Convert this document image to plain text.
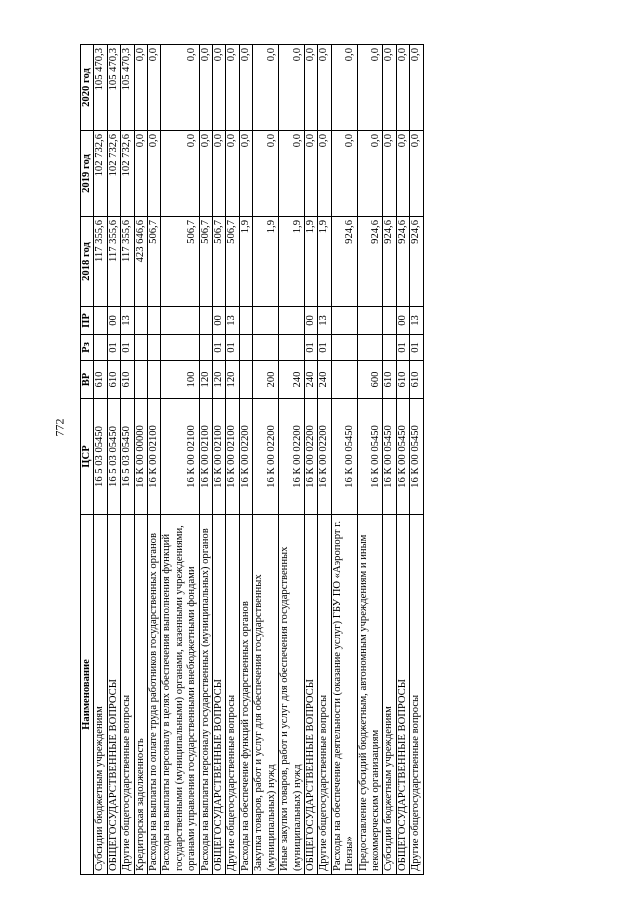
772
Наименование	ЦСР	ВР	Рз	ПР	2018 год	2019 год	2020 год
Субсидии бюджетным учреждениям	16 5 03 05450	610			117 355,6	102 732,6	105 470,3
ОБЩЕГОСУДАРСТВЕННЫЕ ВОПРОСЫ	16 5 03 05450	610	01	00	117 355,6	102 732,6	105 470,3
Другие общегосударственные вопросы	16 5 03 05450	610	01	13	117 355,6	102 732,6	105 470,3
Кредиторская задолженность	16 К 00 00000				423 646,6	0,0	0,0
Расходы на выплаты по оплате труда работников государственных органов	16 К 00 02100				506,7	0,0	0,0
Расходы на выплаты персоналу в целях обеспечения выполнения функций государственными (муниципальными) органами, казенными учреждениями, органами управления государственными внебюджетными фондами	16 К 00 02100	100			506,7	0,0	0,0
Расходы на выплаты персоналу государственных (муниципальных) органов	16 К 00 02100	120			506,7	0,0	0,0
ОБЩЕГОСУДАРСТВЕННЫЕ ВОПРОСЫ	16 К 00 02100	120	01	00	506,7	0,0	0,0
Другие общегосударственные вопросы	16 К 00 02100	120	01	13	506,7	0,0	0,0
Расходы на обеспечение функций государственных органов	16 К 00 02200				1,9	0,0	0,0
Закупка товаров, работ и услуг для обеспечения государственных (муниципальных) нужд	16 К 00 02200	200			1,9	0,0	0,0
Иные закупки товаров, работ и услуг для обеспечения государственных (муниципальных) нужд	16 К 00 02200	240			1,9	0,0	0,0
ОБЩЕГОСУДАРСТВЕННЫЕ ВОПРОСЫ	16 К 00 02200	240	01	00	1,9	0,0	0,0
Другие общегосударственные вопросы	16 К 00 02200	240	01	13	1,9	0,0	0,0
Расходы на обеспечение деятельности (оказание услуг) ГБУ ПО «Аэропорт г. Пензы»	16 К 00 05450				924,6	0,0	0,0
Предоставление субсидий бюджетным, автономным учреждениям и иным некоммерческим организациям	16 К 00 05450	600			924,6	0,0	0,0
Субсидии бюджетным учреждениям	16 К 00 05450	610			924,6	0,0	0,0
ОБЩЕГОСУДАРСТВЕННЫЕ ВОПРОСЫ	16 К 00 05450	610	01	00	924,6	0,0	0,0
Другие общегосударственные вопросы	16 К 00 05450	610	01	13	924,6	0,0	0,0
